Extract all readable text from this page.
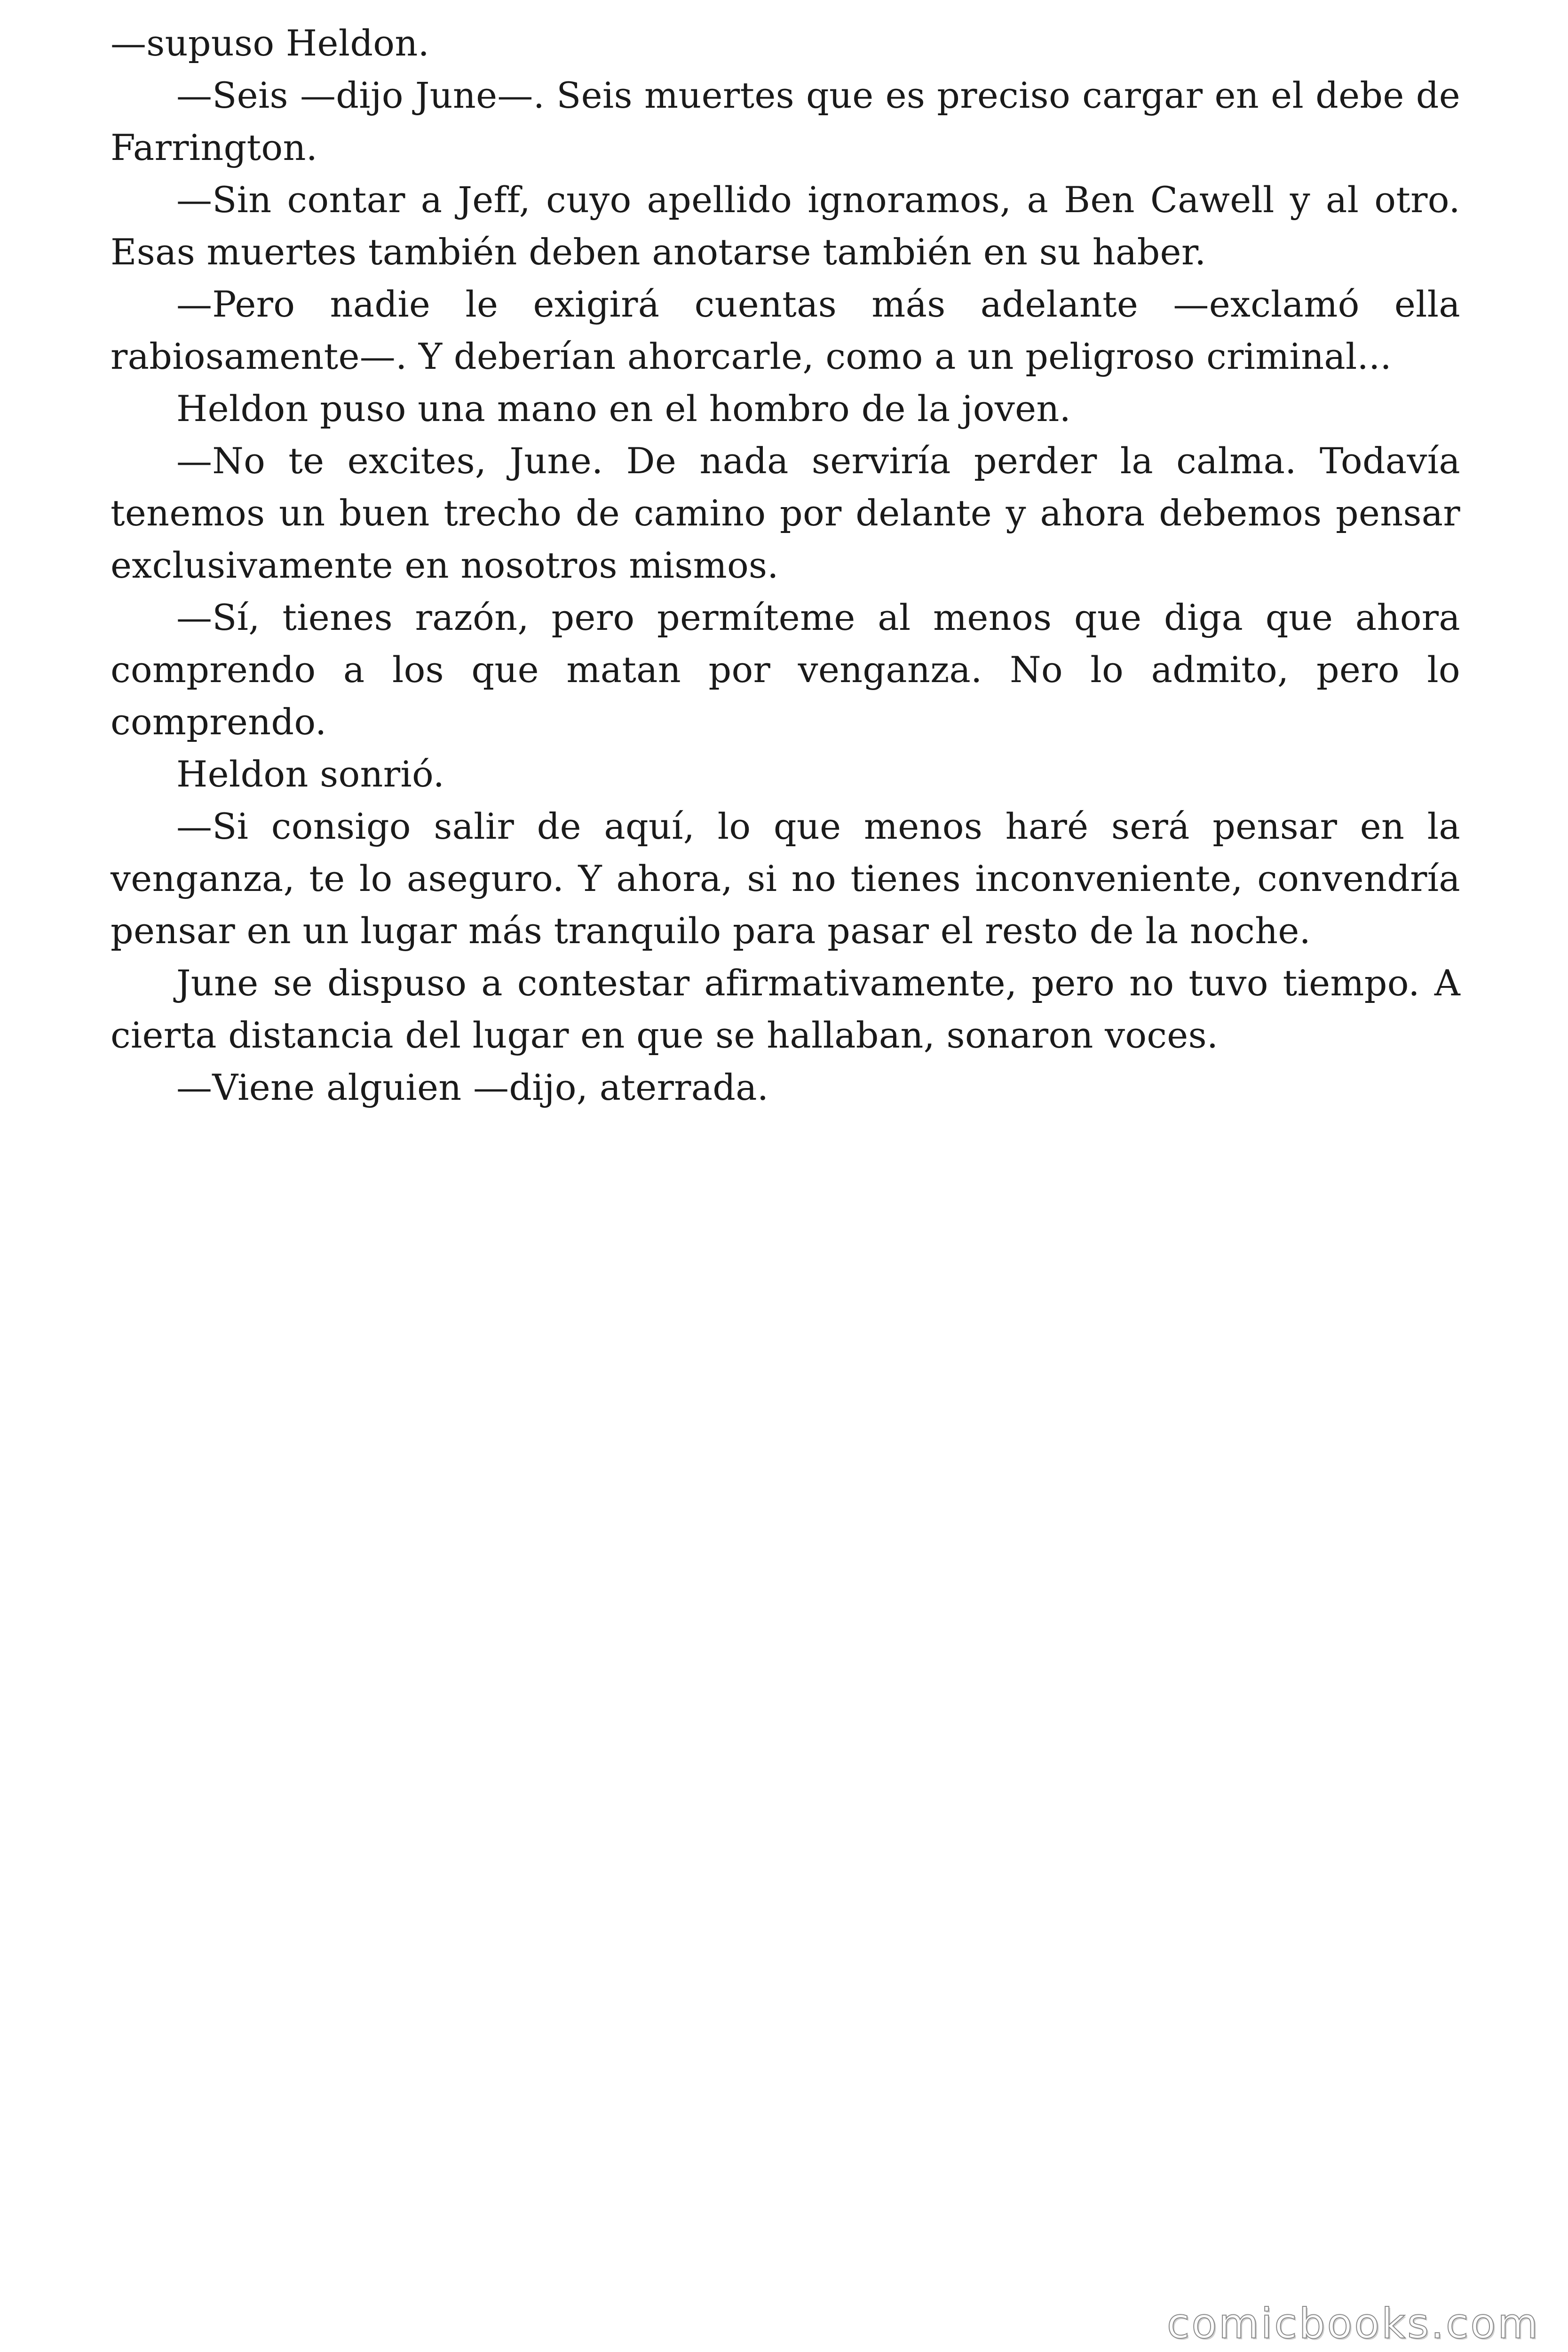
—supuso Heldon.

—Seis —dijo June—. Seis muertes que es preciso cargar en el debe de Farrington.

—Sin contar a Jeff, cuyo apellido ignoramos, a Ben Cawell y al otro. Esas muertes también deben anotarse también en su haber.

—Pero nadie le exigirá cuentas más adelante —exclamó ella rabiosamente—. Y deberían ahorcarle, como a un peligroso criminal...

Heldon puso una mano en el hombro de la joven.

—No te excites, June. De nada serviría perder la calma. Todavía tenemos un buen trecho de camino por delante y ahora debemos pensar exclusivamente en nosotros mismos.

—Sí, tienes razón, pero permíteme al menos que diga que ahora comprendo a los que matan por venganza. No lo admito, pero lo comprendo.

Heldon sonrió.

—Si consigo salir de aquí, lo que menos haré será pensar en la venganza, te lo aseguro. Y ahora, si no tienes inconveniente, convendría pensar en un lugar más tranquilo para pasar el resto de la noche.

June se dispuso a contestar afirmativamente, pero no tuvo tiempo. A cierta distancia del lugar en que se hallaban, sonaron voces.

—Viene alguien —dijo, aterrada.

comicbooks.com
